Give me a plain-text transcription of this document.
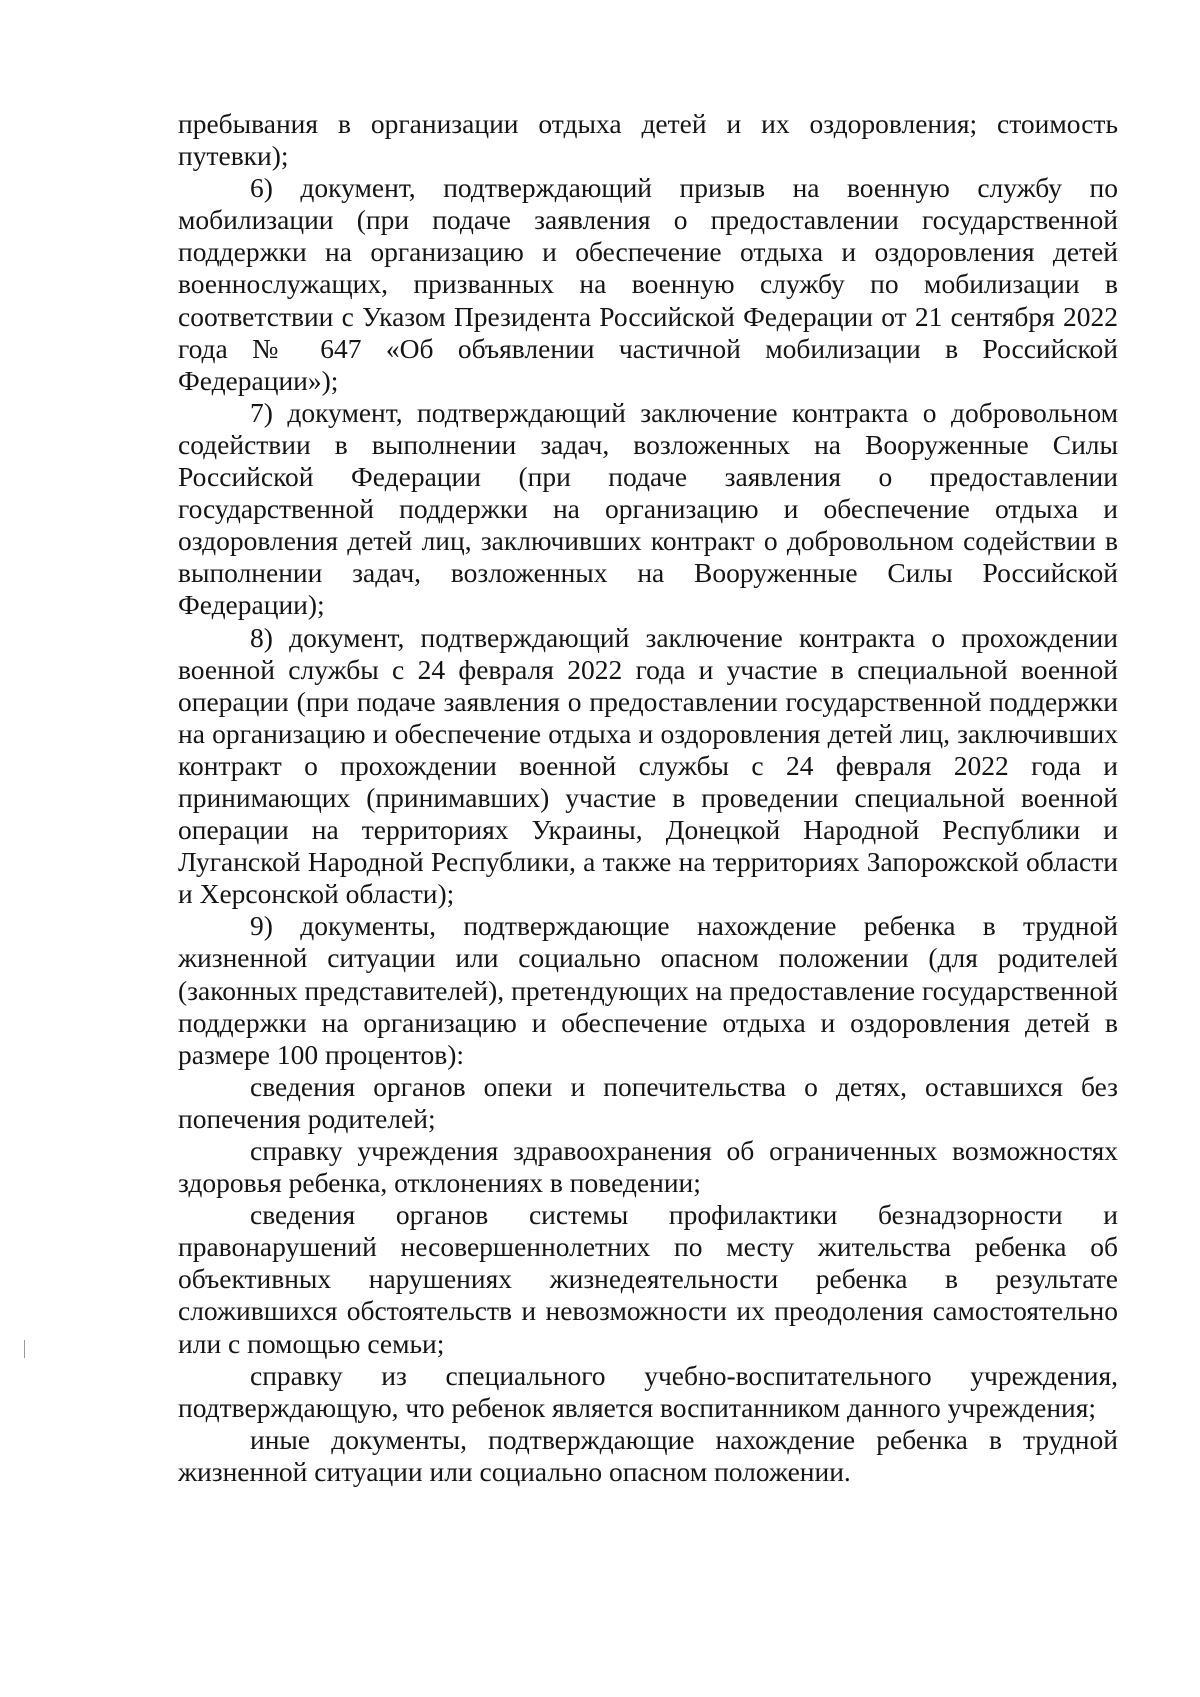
пребывания в организации отдыха детей и их оздоровления; стоимость путевки);

6) документ, подтверждающий призыв на военную службу по мобилизации (при подаче заявления о предоставлении государственной поддержки на организацию и обеспечение отдыха и оздоровления детей военнослужащих, призванных на военную службу по мобилизации в соответствии с Указом Президента Российской Федерации от 21 сентября 2022 года № 647 «Об объявлении частичной мобилизации в Российской Федерации»);

7) документ, подтверждающий заключение контракта о добровольном содействии в выполнении задач, возложенных на Вооруженные Силы Российской Федерации (при подаче заявления о предоставлении государственной поддержки на организацию и обеспечение отдыха и оздоровления детей лиц, заключивших контракт о добровольном содействии в выполнении задач, возложенных на Вооруженные Силы Российской Федерации);

8) документ, подтверждающий заключение контракта о прохождении военной службы с 24 февраля 2022 года и участие в специальной военной операции (при подаче заявления о предоставлении государственной поддержки на организацию и обеспечение отдыха и оздоровления детей лиц, заключивших контракт о прохождении военной службы с 24 февраля 2022 года и принимающих (принимавших) участие в проведении специальной военной операции на территориях Украины, Донецкой Народной Республики и Луганской Народной Республики, а также на территориях Запорожской области и Херсонской области);

9) документы, подтверждающие нахождение ребенка в трудной жизненной ситуации или социально опасном положении (для родителей (законных представителей), претендующих на предоставление государственной поддержки на организацию и обеспечение отдыха и оздоровления детей в размере 100 процентов):

сведения органов опеки и попечительства о детях, оставшихся без попечения родителей;

справку учреждения здравоохранения об ограниченных возможностях здоровья ребенка, отклонениях в поведении;

сведения органов системы профилактики безнадзорности и правонарушений несовершеннолетних по месту жительства ребенка об объективных нарушениях жизнедеятельности ребенка в результате сложившихся обстоятельств и невозможности их преодоления самостоятельно или с помощью семьи;

справку из специального учебно-воспитательного учреждения, подтверждающую, что ребенок является воспитанником данного учреждения;

иные документы, подтверждающие нахождение ребенка в трудной жизненной ситуации или социально опасном положении.
